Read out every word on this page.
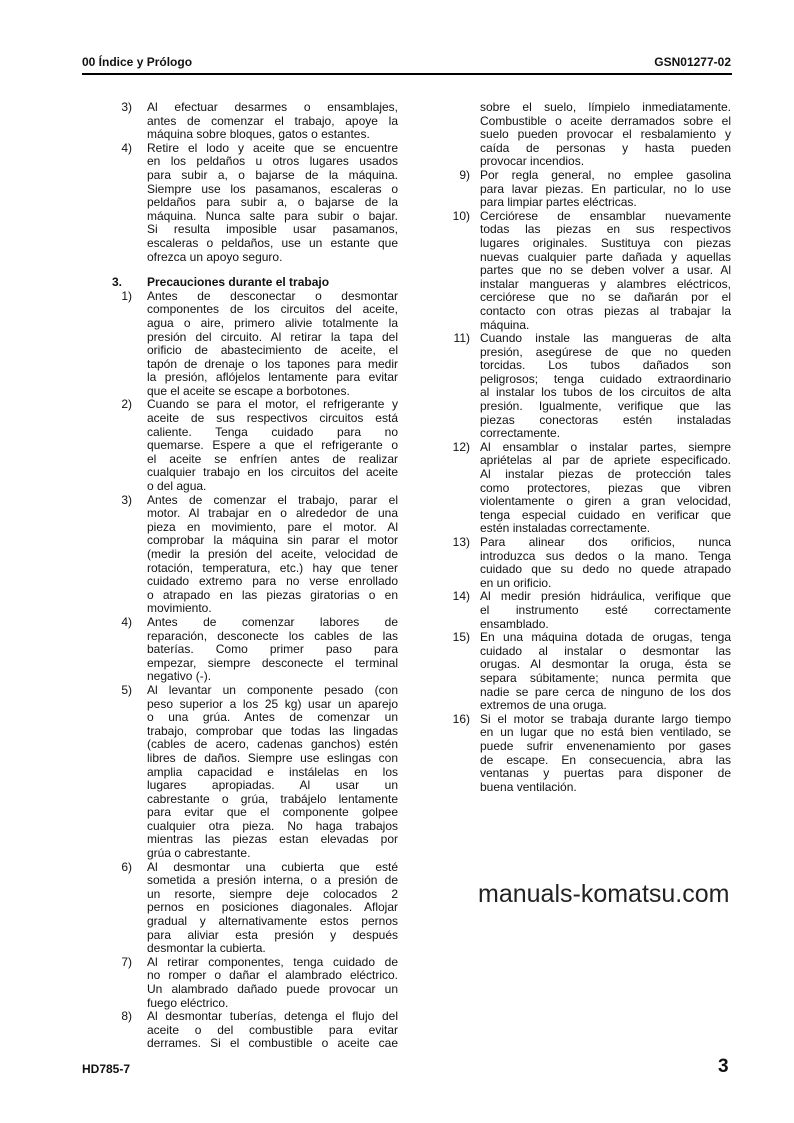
00 Índice y Prólogo	GSN01277-02
3) Al efectuar desarmes o ensamblajes,
antes de comenzar el trabajo, apoye la
máquina sobre bloques, gatos o estantes.
4) Retire el lodo y aceite que se encuentre
en los peldaños u otros lugares usados
para subir a, o bajarse de la máquina.
Siempre use los pasamanos, escaleras o
peldaños para subir a, o bajarse de la
máquina. Nunca salte para subir o bajar.
Si resulta imposible usar pasamanos,
escaleras o peldaños, use un estante que
ofrezca un apoyo seguro.
3.	Precauciones durante el trabajo
1) Antes de desconectar o desmontar
componentes de los circuitos del aceite,
agua o aire, primero alivie totalmente la
presión del circuito. Al retirar la tapa del
orificio de abastecimiento de aceite, el
tapón de drenaje o los tapones para medir
la presión, aflójelos lentamente para evitar
que el aceite se escape a borbotones.
2) Cuando se para el motor, el refrigerante y
aceite de sus respectivos circuitos está
caliente. Tenga cuidado para no
quemarse. Espere a que el refrigerante o
el aceite se enfríen antes de realizar
cualquier trabajo en los circuitos del aceite
o del agua.
3) Antes de comenzar el trabajo, parar el
motor. Al trabajar en o alrededor de una
pieza en movimiento, pare el motor. Al
comprobar la máquina sin parar el motor
(medir la presión del aceite, velocidad de
rotación, temperatura, etc.) hay que tener
cuidado extremo para no verse enrollado
o atrapado en las piezas giratorias o en
movimiento.
4) Antes de comenzar labores de
reparación, desconecte los cables de las
baterías. Como primer paso para
empezar, siempre desconecte el terminal
negativo (-).
5) Al levantar un componente pesado (con
peso superior a los 25 kg) usar un aparejo
o una grúa. Antes de comenzar un
trabajo, comprobar que todas las lingadas
(cables de acero, cadenas ganchos) estén
libres de daños. Siempre use eslingas con
amplia capacidad e instálelas en los
lugares apropiadas. Al usar un
cabrestante o grúa, trabájelo lentamente
para evitar que el componente golpee
cualquier otra pieza. No haga trabajos
mientras las piezas estan elevadas por
grúa o cabrestante.
6) Al desmontar una cubierta que esté
sometida a presión interna, o a presión de
un resorte, siempre deje colocados 2
pernos en posiciones diagonales. Aflojar
gradual y alternativamente estos pernos
para aliviar esta presión y después
desmontar la cubierta.
7) Al retirar componentes, tenga cuidado de
no romper o dañar el alambrado eléctrico.
Un alambrado dañado puede provocar un
fuego eléctrico.
8) Al desmontar tuberías, detenga el flujo del
aceite o del combustible para evitar
derrames. Si el combustible o aceite cae
sobre el suelo, límpielo inmediatamente.
Combustible o aceite derramados sobre el
suelo pueden provocar el resbalamiento y
caída de personas y hasta pueden
provocar incendios.
9) Por regla general, no emplee gasolina
para lavar piezas. En particular, no lo use
para limpiar partes eléctricas.
10) Cerciórese de ensamblar nuevamente
todas las piezas en sus respectivos
lugares originales. Sustituya con piezas
nuevas cualquier parte dañada y aquellas
partes que no se deben volver a usar. Al
instalar mangueras y alambres eléctricos,
cerciórese que no se dañarán por el
contacto con otras piezas al trabajar la
máquina.
11) Cuando instale las mangueras de alta
presión, asegúrese de que no queden
torcidas. Los tubos dañados son
peligrosos; tenga cuidado extraordinario
al instalar los tubos de los circuitos de alta
presión. Igualmente, verifique que las
piezas conectoras estén instaladas
correctamente.
12) Al ensamblar o instalar partes, siempre
apriételas al par de apriete especificado.
Al instalar piezas de protección tales
como protectores, piezas que vibren
violentamente o giren a gran velocidad,
tenga especial cuidado en verificar que
estén instaladas correctamente.
13) Para alinear dos orificios, nunca
introduzca sus dedos o la mano. Tenga
cuidado que su dedo no quede atrapado
en un orificio.
14) Al medir presión hidráulica, verifique que
el instrumento esté correctamente
ensamblado.
15) En una máquina dotada de orugas, tenga
cuidado al instalar o desmontar las
orugas. Al desmontar la oruga, ésta se
separa súbitamente; nunca permita que
nadie se pare cerca de ninguno de los dos
extremos de una oruga.
16) Si el motor se trabaja durante largo tiempo
en un lugar que no está bien ventilado, se
puede sufrir envenenamiento por gases
de escape. En consecuencia, abra las
ventanas y puertas para disponer de
buena ventilación.
manuals-komatsu.com
HD785-7	3
